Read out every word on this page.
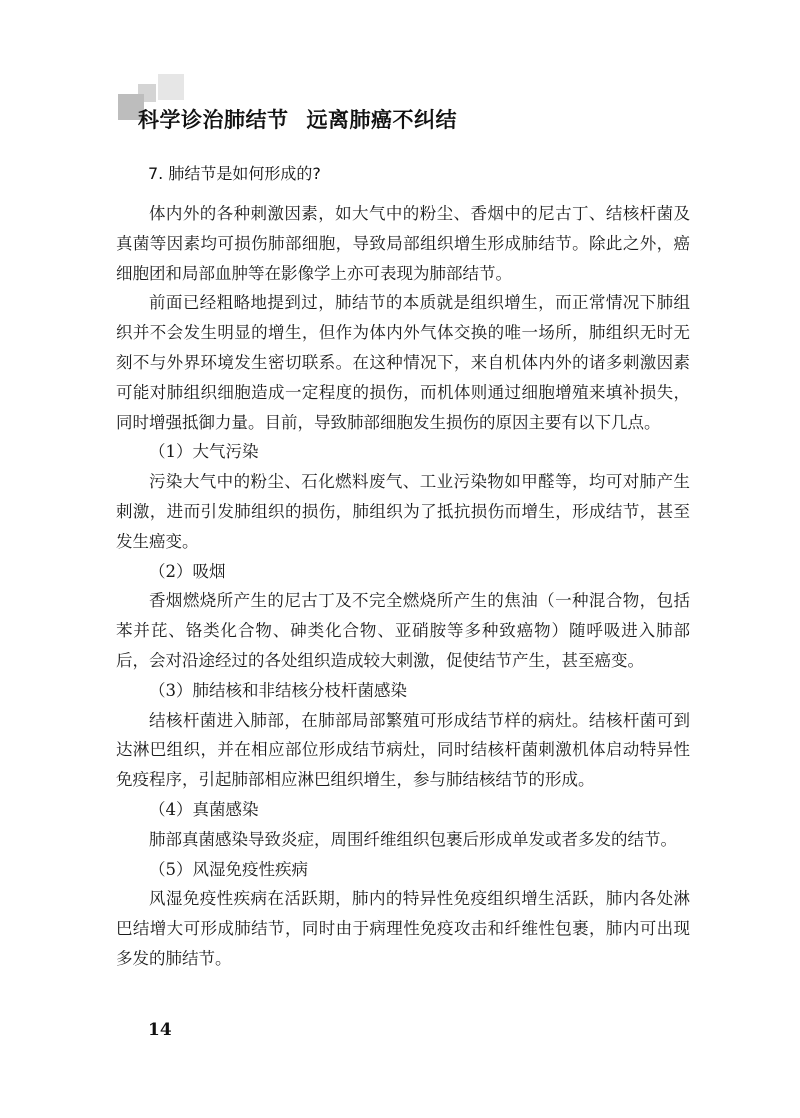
科学诊治肺结节 远离肺癌不纠结
7. 肺结节是如何形成的?

体内外的各种刺激因素，如大气中的粉尘、香烟中的尼古丁、结核杆菌及真菌等因素均可损伤肺部细胞，导致局部组织增生形成肺结节。除此之外，癌细胞团和局部血肿等在影像学上亦可表现为肺部结节。

前面已经粗略地提到过，肺结节的本质就是组织增生，而正常情况下肺组织并不会发生明显的增生，但作为体内外气体交换的唯一场所，肺组织无时无刻不与外界环境发生密切联系。在这种情况下，来自机体内外的诸多刺激因素可能对肺组织细胞造成一定程度的损伤，而机体则通过细胞增殖来填补损失，同时增强抵御力量。目前，导致肺部细胞发生损伤的原因主要有以下几点。

（1）大气污染

污染大气中的粉尘、石化燃料废气、工业污染物如甲醛等，均可对肺产生刺激，进而引发肺组织的损伤，肺组织为了抵抗损伤而增生，形成结节，甚至发生癌变。

（2）吸烟

香烟燃烧所产生的尼古丁及不完全燃烧所产生的焦油（一种混合物，包括苯并芘、铬类化合物、砷类化合物、亚硝胺等多种致癌物）随呼吸进入肺部后，会对沿途经过的各处组织造成较大刺激，促使结节产生，甚至癌变。

（3）肺结核和非结核分枝杆菌感染

结核杆菌进入肺部，在肺部局部繁殖可形成结节样的病灶。结核杆菌可到达淋巴组织，并在相应部位形成结节病灶，同时结核杆菌刺激机体启动特异性免疫程序，引起肺部相应淋巴组织增生，参与肺结核结节的形成。

（4）真菌感染

肺部真菌感染导致炎症，周围纤维组织包裹后形成单发或者多发的结节。

（5）风湿免疫性疾病

风湿免疫性疾病在活跃期，肺内的特异性免疫组织增生活跃，肺内各处淋巴结增大可形成肺结节，同时由于病理性免疫攻击和纤维性包裹，肺内可出现多发的肺结节。

14
